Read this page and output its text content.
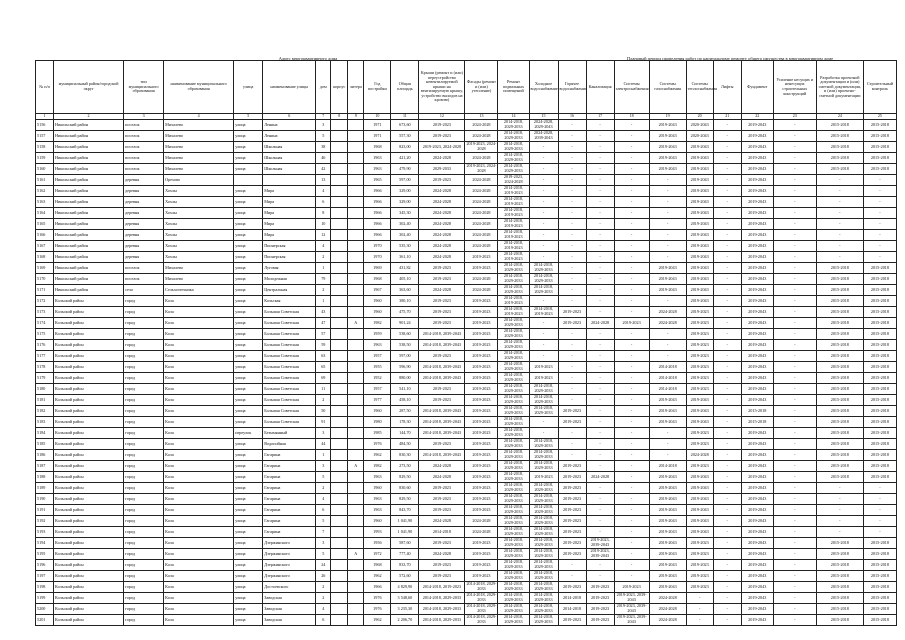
Адрес многоквартирного дома	Плановый период проведения работ по капитальному ремонту общего имущества в многоквартирном доме
№ п/п	муниципальный район/городской округ	тип муниципального образования	наименование муниципального образования	улица	наименование улицы	дом	корпус	литера	Год постройки	Общая площадь	Крыши (ремонт и (или) переустройство невентилируемой крыши на вентилируемую крышу, устройство выходов на кровлю)	Фасады (ремонт и (или) утепление)	Ремонт подвальных помещений	Холодное водоснабжение	Горячее водоснабжение	Канализация	Системы электроснабжения	Системы газоснабжения	Системы теплоснабжения	Лифты	Фундамент	Усиление несущих и ненесущих строительных конструкций	Разработка проектной документации и (или) сметной документации, и (или) проектно-сметной документации	Строительный контроль
1	2	3	4	5	6	7	8	9	10	11	12	13	14	15	16	17	18	19	20	21	22	23	24	25
5156	Никольский район	поселок	Михалево	улица	Ленина	3			1971	673,60	2019-2023	2024-2028	2014-2018, 2029-2033	2024-2028, 2029-2043	-	-	-	2019-2043	2020-2043	-	2019-2043	-	2015-2018	2015-2018
5157	Никольский район	поселок	Михалево	улица	Ленина	5			1971	557,30	2019-2023	2024-2028	2014-2018, 2029-2033	2024-2028, 2039-2043	-	-	-	2019-2043	2020-2043	-	2019-2043	-	2015-2018	2015-2018
5158	Никольский район	поселок	Михалево	улица	Школьная	38			1968	823,00	2019-2023, 2024-2028	2019-2023, 2024-2028	2014-2018, 2029-2033	-	-	-	-	2019-2043	2019-2043	-	2019-2043	-	2015-2018	2015-2018
5159	Никольский район	поселок	Михалево	улица	Школьная	46			1963	421,20	2024-2028	2024-2028	2014-2018, 2029-2033	-	-	-	-	2019-2043	2019-2043	-	2019-2043	-	2015-2018	2015-2018
5160	Никольский район	поселок	Михалево	улица	Школьная	42			1963	479,90	2029-2033	2019-2023, 2024-2028	2014-2018, 2029-2033	-	-	-	-	2019-2043	2019-2043	-	2019-2043	-	2015-2018	2015-2018
5161	Никольский район	деревня	Орехово			13			1965	597,00	2019-2023	2024-2028	2019-2023, 2024-2028	-	-	-	-	-	2019-2043	-	2019-2043	-	-	-
5162	Никольский район	деревня	Хохлы	улица	Мира	4			1966	329,00	2024-2028	2024-2028	2014-2018, 2019-2023	-	-	-	-	-	2019-2043	-	2019-2043	-	-	-
5163	Никольский район	деревня	Хохлы	улица	Мира	6			1966	329,00	2024-2028	2024-2028	2014-2018, 2019-2023	-	-	-	-	-	2019-2043	-	2019-2043	-	-	-
5164	Никольский район	деревня	Хохлы	улица	Мира	8			1966	345,30	2024-2028	2024-2028	2014-2018, 2019-2023	-	-	-	-	-	2019-2043	-	2019-2043	-	-	-
5165	Никольский район	деревня	Хохлы	улица	Мира	10			1966	302,40	2024-2028	2024-2028	2014-2018, 2019-2023	-	-	-	-	-	2019-2043	-	2019-2043	-	-	-
5166	Никольский район	деревня	Хохлы	улица	Мира	12			1966	302,40	2024-2028	2024-2028	2014-2018, 2019-2023	-	-	-	-	-	2019-2043	-	2019-2043	-	-	-
5167	Никольский район	деревня	Хохлы	улица	Пионерская	4			1970	535,30	2024-2028	2024-2028	2014-2018, 2019-2023	-	-	-	-	-	2019-2043	-	2019-2043	-	-	-
5168	Никольский район	деревня	Хохлы	улица	Пионерская	2			1970	361,10	2024-2028	2019-2023	2014-2018, 2019-2023	-	-	-	-	-	2019-2043	-	2019-2043	-	-	-
5169	Никольский район	поселок	Михалево	улица	Луговая	1			1969	431,82	2019-2023	2019-2023	2014-2018, 2029-2033	2014-2018, 2029-2033	-	-	-	2019-2043	2019-2043	-	2019-2043	-	2015-2018	2015-2018
5170	Никольский район	поселок	Михалево	улица	Молодежная	79			1968	405,10	2019-2023	2024-2028	2014-2018, 2029-2033	2014-2018, 2029-2033	-	-	-	2019-2043	2019-2043	-	2019-2043	-	2015-2018	2015-2018
5171	Никольский район	село	Сельхозтехника	улица	Центральная	2			1967	363,60	2024-2028	2024-2028	2014-2018, 2029-2033	2014-2018, 2029-2033	-	-	-	2019-2043	2019-2043	-	2019-2043	-	2015-2018	2015-2018
5172	Кольский район	город	Кола	улица	Кольская	1			1960	380,10	2019-2023	2019-2023	2014-2018, 2019-2023	-	-	-	-	-	2019-2043	-	2019-2043	-	2015-2018	2015-2018
5173	Кольский район	город	Кола	улица	Большая Советская	43			1960	475,70	2019-2023	2019-2023	2014-2018, 2019-2023	2014-2018, 2019-2023	2019-2023	-	-	2024-2028	2019-2023	-	2019-2043	-	2015-2018	2015-2018
5174	Кольский район	город	Кола	улица	Большая Советская	47		А	1982	901,24	2019-2023	2019-2023	2014-2018, 2029-2033	-	2019-2023	2024-2028	2019-2023	2024-2028	2019-2023	-	2019-2043	-	2015-2018	2015-2018
5175	Кольский район	город	Кола	улица	Большая Советская	57			1959	538,60	2014-2018, 2039-2043	2019-2023	2014-2018, 2029-2033	-	-	-	-	-	2019-2023	-	2019-2043	-	2015-2018	2015-2018
5176	Кольский район	город	Кола	улица	Большая Советская	59			1963	538,50	2014-2018, 2039-2043	2019-2023	2014-2018, 2029-2033	-	-	-	-	-	2019-2023	-	2019-2043	-	2015-2018	2015-2018
5177	Кольский район	город	Кола	улица	Большая Советская	63			1957	597,00	2019-2023	2019-2023	2014-2018, 2029-2033	-	-	-	-	-	2019-2023	-	2019-2043	-	2015-2018	2015-2018
5178	Кольский район	город	Кола	улица	Большая Советская	65			1955	596,90	2014-2018, 2039-2043	2019-2023	2014-2018, 2029-2033	2019-2023	-	-	-	2014-2018	2019-2023	-	2019-2043	-	2015-2018	2015-2018
5179	Кольский район	город	Кола	улица	Большая Советская	69			1952	880,00	2014-2018, 2039-2043	2019-2023	2014-2018, 2029-2033	2019-2023	-	-	-	2014-2018	2019-2023	-	2019-2043	-	2015-2018	2015-2018
5180	Кольский район	город	Кола	улица	Большая Советская	11			1957	541,10	2019-2023	2019-2023	2014-2018, 2029-2033	2014-2018, 2029-2033	-	-	-	2014-2018	2019-2023	-	2019-2043	-	2015-2018	2015-2018
5181	Кольский район	город	Кола	улица	Большая Советская	2			1977	458,10	2019-2023	2019-2023	2014-2018, 2029-2033	2014-2018, 2029-2033	-	-	-	2019-2043	2019-2043	-	2019-2043	-	2015-2018	2015-2018
5182	Кольский район	город	Кола	улица	Большая Советская	50			1960	287,50	2014-2018, 2039-2043	2019-2023	2014-2018, 2029-2033	2014-2018, 2029-2033	2019-2023	-	-	2019-2043	2019-2043	-	2015-2018	-	2015-2018	2015-2018
5183	Кольский район	город	Кола	улица	Большая Советская	91			1980	178,30	2014-2018, 2039-2043	2019-2023	2014-2018, 2029-2033	-	2019-2023	-	-	2019-2043	2019-2043	-	2015-2018	-	2015-2018	2015-2018
5184	Кольский район	город	Кола	переулок	Безымянный	3			1985	144,70	2014-2018, 2039-2043	2019-2023	2014-2018, 2029-2033	-	-	-	-	-	2019-2023	-	2019-2043	-	2015-2018	2015-2018
5185	Кольский район	город	Кола	улица	Водопойная	44			1976	484,50	2019-2023	2019-2023	2014-2018, 2029-2033	2014-2018, 2029-2033	-	-	-	-	2019-2023	-	2019-2043	-	2015-2018	2015-2018
5186	Кольский район	город	Кола	улица	Гагарина	1			1962	830,30	2014-2018, 2039-2043	2019-2023	2014-2018, 2029-2033	2014-2018, 2029-2033	-	-	-	-	2024-2028	-	2019-2043	-	2015-2018	2015-2018
5187	Кольский район	город	Кола	улица	Гагарина	3		А	1982	273,50	2024-2028	2019-2023	2014-2018, 2029-2033	2014-2018, 2029-2033	2019-2023	-	-	2014-2018	2019-2023	-	2019-2043	-	2015-2018	2015-2018
5188	Кольский район	город	Кола	улица	Гагарина	5			1963	829,50	2024-2028	2019-2023	2014-2018, 2029-2033	2019-2023	2019-2023	2024-2028	-	2019-2043	2019-2043	-	2019-2043	-	2015-2018	2015-2018
5189	Кольский район	город	Кола	улица	Гагарина	2			1960	830,60	2019-2023	2019-2023	2014-2018, 2029-2033	2014-2018, 2029-2033	2019-2023	-	-	2019-2043	2019-2043	-	2019-2043	-	-	-
5190	Кольский район	город	Кола	улица	Гагарина	4			1963	829,50	2019-2023	2019-2023	2014-2018, 2029-2033	2014-2018, 2029-2033	2019-2023	-	-	2019-2043	2019-2043	-	2019-2043	-	-	-
5191	Кольский район	город	Кола	улица	Гагарина	6			1963	843,70	2019-2023	2019-2023	2014-2018, 2029-2033	2014-2018, 2029-2033	2019-2023	-	-	2019-2043	2019-2043	-	2019-2043	-	-	-
5192	Кольский район	город	Кола	улица	Гагарина	5			1960	1 041,90	2024-2028	2024-2028	2014-2018, 2029-2033	2014-2018, 2029-2033	2019-2023	-	-	2019-2043	2019-2043	-	2019-2043	-	-	-
5193	Кольский район	город	Кола	улица	Гагарина	7			1993	1 041,90	2014-2018	2024-2028	2014-2018, 2029-2033	2014-2018, 2029-2033	2019-2023	-	-	2019-2043	2019-2043	-	2019-2043	-	-	-
5194	Кольский район	город	Кола	улица	Дзержинского	3			1956	587,60	2019-2023	2019-2023	2014-2018, 2029-2033	2014-2018, 2029-2033	2019-2023	2019-2023, 2039-2043	-	2019-2043	2019-2023	-	2019-2043	-	2015-2018	2015-2018
5195	Кольский район	город	Кола	улица	Дзержинского	5		А	1972	777,40	2024-2028	2019-2023	2014-2018, 2029-2033	2014-2018, 2029-2033	2019-2023	2019-2023, 2039-2043	-	2019-2043	2019-2023	-	2019-2043	-	2015-2018	2015-2018
5196	Кольский район	город	Кола	улица	Дзержинского	24			1968	833,70	2019-2023	2019-2023	2014-2018, 2029-2033	2014-2018, 2029-2033	-	-	-	2019-2043	2019-2023	-	2019-2043	-	2015-2018	2015-2018
5197	Кольский район	город	Кола	улица	Дзержинского	26			1962	572,60	2019-2023	2019-2023	2014-2018, 2029-2033	2014-2018, 2029-2033	-	-	-	2019-2043	2019-2023	-	2019-2043	-	2015-2018	2015-2018
5198	Кольский район	город	Кола	улица	Достоевского	2			1966	4 829,90	2014-2018, 2019-2023	2014-2018, 2029-2033	2014-2018, 2029-2033	2014-2018, 2029-2033	2019-2023	2019-2023	2019-2023	2019-2043	2019-2023	-	2019-2043	-	2015-2018	2015-2018
5199	Кольский район	город	Кола	улица	Заводская	2			1976	3 548,60	2014-2018, 2029-2033	2014-2018, 2029-2033	2014-2018, 2029-2033	2014-2018, 2029-2033	2014-2018	2019-2023	2019-2023, 2039-2043	2024-2028	-	-	2019-2043	-	2015-2018	2015-2018
5200	Кольский район	город	Кола	улица	Заводская	4			1976	3 235,30	2014-2018, 2029-2033	2014-2018, 2029-2033	2014-2018, 2029-2033	2014-2018, 2029-2033	2014-2018	2019-2023	2019-2023, 2039-2043	2024-2028	-	-	2019-2043	-	2015-2018	2015-2018
5201	Кольский район	город	Кола	улица	Заводская	6			1962	2 206,70	2014-2018, 2029-2033	2014-2018, 2029-2033	2014-2018, 2029-2033	2014-2018, 2029-2033	2019-2023	2019-2023	2019-2023, 2039-2043	2024-2028	-	-	2019-2043	-	2015-2018	2015-2018
